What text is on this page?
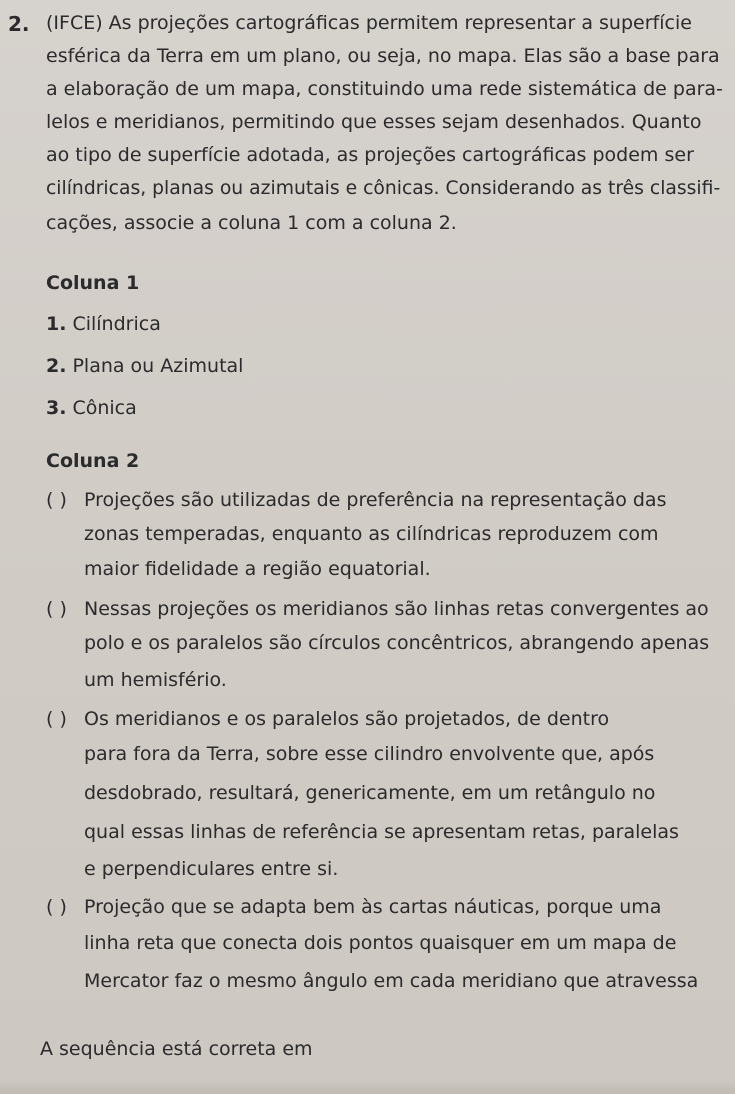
2. (IFCE) As projeções cartográficas permitem representar a superfície
esférica da Terra em um plano, ou seja, no mapa. Elas são a base para
a elaboração de um mapa, constituindo uma rede sistemática de para-
lelos e meridianos, permitindo que esses sejam desenhados. Quanto
ao tipo de superfície adotada, as projeções cartográficas podem ser
cilíndricas, planas ou azimutais e cônicas. Considerando as três classifi-
cações, associe a coluna 1 com a coluna 2.
Coluna 1
1. Cilíndrica
2. Plana ou Azimutal
3. Cônica
Coluna 2
( ) Projeções são utilizadas de preferência na representação das
zonas temperadas, enquanto as cilíndricas reproduzem com
maior fidelidade a região equatorial.
( ) Nessas projeções os meridianos são linhas retas convergentes ao
polo e os paralelos são círculos concêntricos, abrangendo apenas
um hemisfério.
( ) Os meridianos e os paralelos são projetados, de dentro
para fora da Terra, sobre esse cilindro envolvente que, após
desdobrado, resultará, genericamente, em um retângulo no
qual essas linhas de referência se apresentam retas, paralelas
e perpendiculares entre si.
( ) Projeção que se adapta bem às cartas náuticas, porque uma
linha reta que conecta dois pontos quaisquer em um mapa de
Mercator faz o mesmo ângulo em cada meridiano que atravessa
A sequência está correta em
